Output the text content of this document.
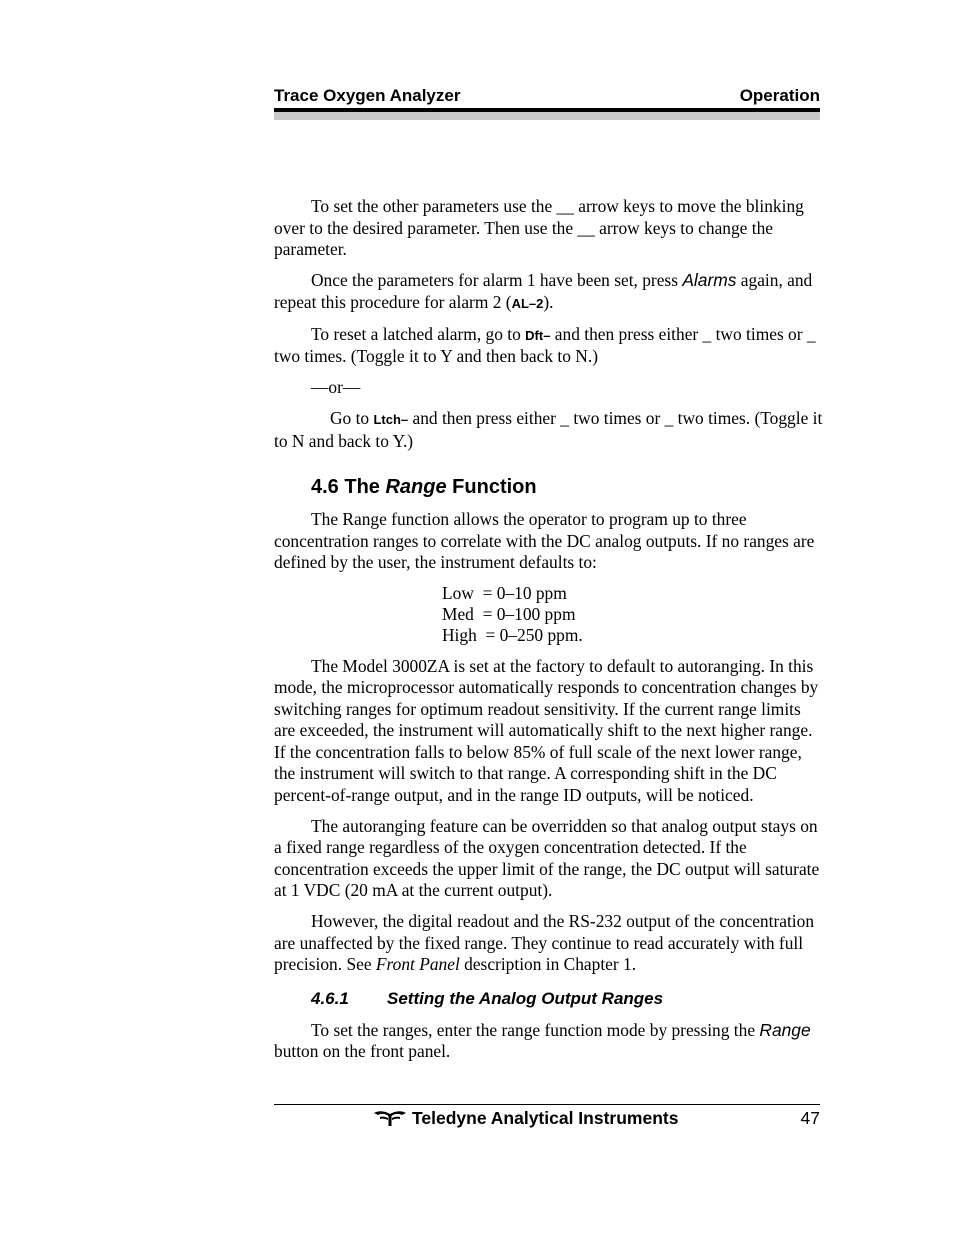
Trace Oxygen Analyzer	Operation

To set the other parameters use the __ arrow keys to move the blinking over to the desired parameter. Then use the __ arrow keys to change the parameter.

Once the parameters for alarm 1 have been set, press Alarms again, and repeat this procedure for alarm 2 (AL–2).

To reset a latched alarm, go to Dft– and then press either _ two times or _ two times. (Toggle it to Y and then back to N.)

—or—

Go to Ltch– and then press either _ two times or _ two times. (Toggle it to N and back to Y.)

4.6 The Range Function

The Range function allows the operator to program up to three concentration ranges to correlate with the DC analog outputs. If no ranges are defined by the user, the instrument defaults to:

Low  = 0–10 ppm
Med  = 0–100 ppm
High  = 0–250 ppm.

The Model 3000ZA is set at the factory to default to autoranging. In this mode, the microprocessor automatically responds to concentration changes by switching ranges for optimum readout sensitivity. If the current range limits are exceeded, the instrument will automatically shift to the next higher range. If the concentration falls to below 85% of full scale of the next lower range, the instrument will switch to that range. A corresponding shift in the DC percent-of-range output, and in the range ID outputs, will be noticed.

The autoranging feature can be overridden so that analog output stays on a fixed range regardless of the oxygen concentration detected. If the concentration exceeds the upper limit of the range, the DC output will saturate at 1 VDC (20 mA at the current output).

However, the digital readout and the RS-232 output of the concentration are unaffected by the fixed range. They continue to read accurately with full precision. See Front Panel description in Chapter 1.

4.6.1 Setting the Analog Output Ranges

To set the ranges, enter the range function mode by pressing the Range button on the front panel.

Teledyne Analytical Instruments	47
